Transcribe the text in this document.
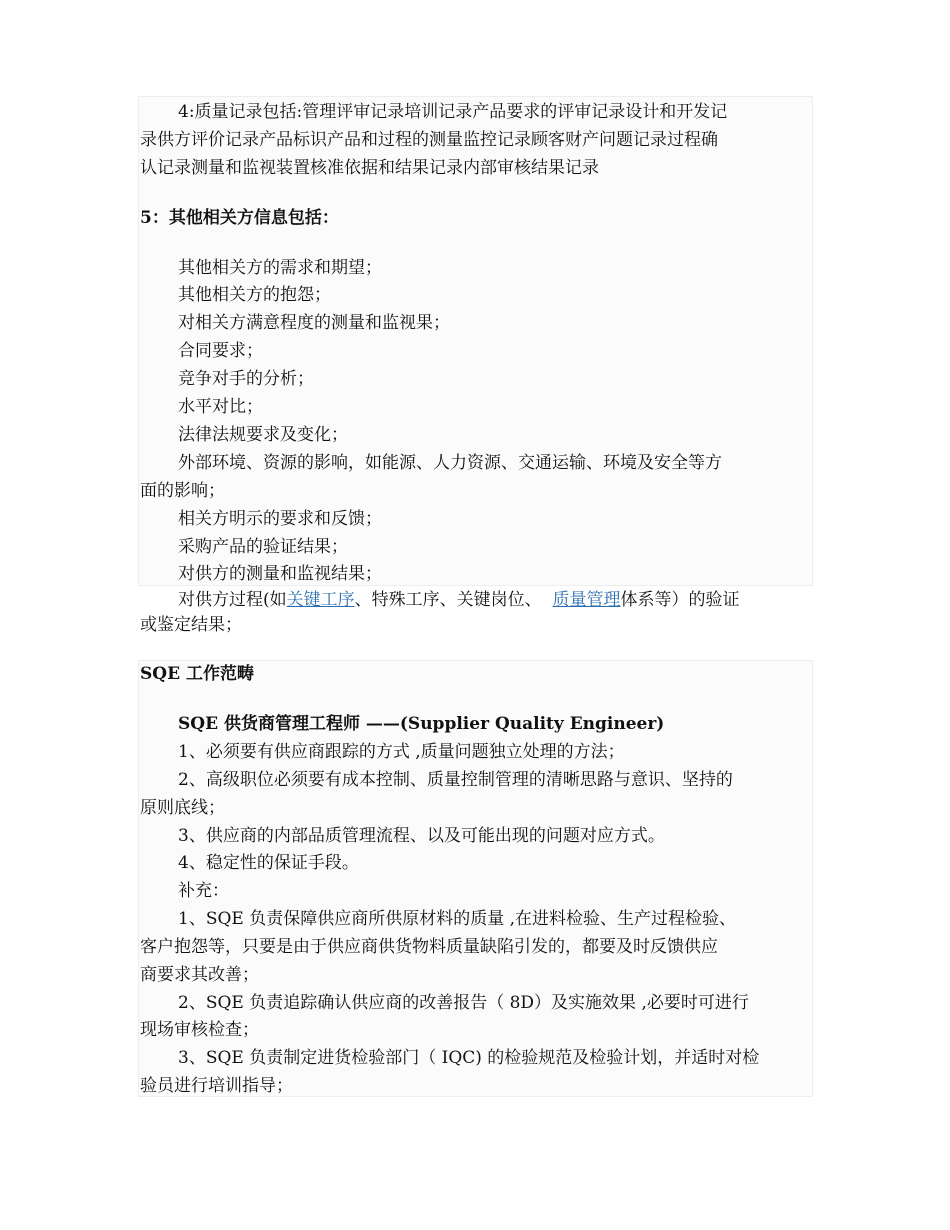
4:质量记录包括:管理评审记录培训记录产品要求的评审记录设计和开发记
录供方评价记录产品标识产品和过程的测量监控记录顾客财产问题记录过程确
认记录测量和监视装置核准依据和结果记录内部审核结果记录
5：其他相关方信息包括：
其他相关方的需求和期望；
其他相关方的抱怨；
对相关方满意程度的测量和监视果；
合同要求；
竞争对手的分析；
水平对比；
法律法规要求及变化；
外部环境、资源的影响，如能源、人力资源、交通运输、环境及安全等方
面的影响；
相关方明示的要求和反馈；
采购产品的验证结果；
对供方的测量和监视结果；
对供方过程(如关键工序、特殊工序、关键岗位、 质量管理体系等）的验证
或鉴定结果；
SQE 工作范畴
SQE 供货商管理工程师 ——(Supplier Quality Engineer)
1、必须要有供应商跟踪的方式 ,质量问题独立处理的方法；
2、高级职位必须要有成本控制、质量控制管理的清晰思路与意识、坚持的
原则底线；
3、供应商的内部品质管理流程、以及可能出现的问题对应方式。
4、稳定性的保证手段。
补充：
1、SQE 负责保障供应商所供原材料的质量 ,在进料检验、生产过程检验、
客户抱怨等，只要是由于供应商供货物料质量缺陷引发的，都要及时反馈供应
商要求其改善；
2、SQE 负责追踪确认供应商的改善报告（ 8D）及实施效果 ,必要时可进行
现场审核检查；
3、SQE 负责制定进货检验部门（ IQC) 的检验规范及检验计划，并适时对检
验员进行培训指导；
